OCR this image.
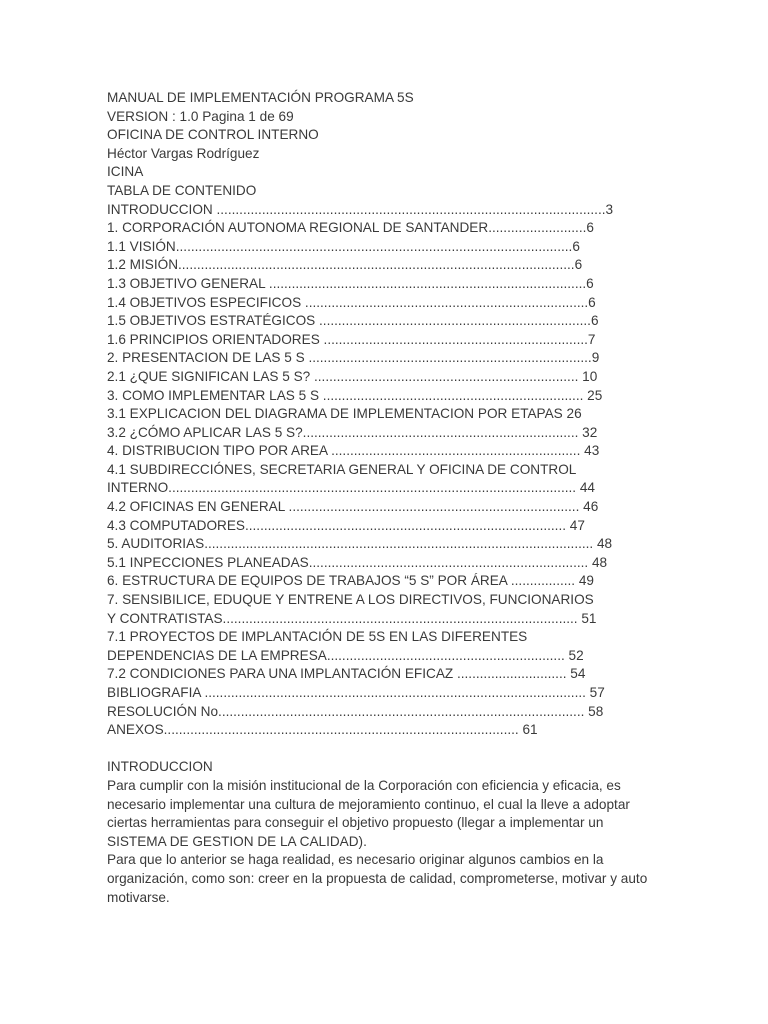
MANUAL DE IMPLEMENTACIÓN PROGRAMA 5S
VERSION : 1.0 Pagina 1 de 69
OFICINA DE CONTROL INTERNO
Héctor Vargas Rodríguez
ICINA
TABLA DE CONTENIDO
INTRODUCCION .......................................................................................................3
1. CORPORACIÓN AUTONOMA REGIONAL DE SANTANDER..........................6
1.1 VISIÓN.........................................................................................................6
1.2 MISIÓN.........................................................................................................6
1.3 OBJETIVO GENERAL ....................................................................................6
1.4 OBJETIVOS ESPECIFICOS ...........................................................................6
1.5 OBJETIVOS ESTRATÉGICOS ........................................................................6
1.6 PRINCIPIOS ORIENTADORES ......................................................................7
2. PRESENTACION DE LAS 5 S ...........................................................................9
2.1 ¿QUE SIGNIFICAN LAS 5 S? ...................................................................... 10
3. COMO IMPLEMENTAR LAS 5 S ..................................................................... 25
3.1 EXPLICACION DEL DIAGRAMA DE IMPLEMENTACION POR ETAPAS 26
3.2 ¿CÓMO APLICAR LAS 5 S?......................................................................... 32
4. DISTRIBUCION TIPO POR AREA .................................................................. 43
4.1 SUBDIRECCIÓNES, SECRETARIA GENERAL Y OFICINA DE CONTROL
INTERNO............................................................................................................ 44
4.2 OFICINAS EN GENERAL ............................................................................. 46
4.3 COMPUTADORES..................................................................................... 47
5. AUDITORIAS....................................................................................................... 48
5.1 INPECCIONES PLANEADAS.......................................................................... 48
6. ESTRUCTURA DE EQUIPOS DE TRABAJOS “5 S” POR ÁREA ................. 49
7. SENSIBILICE, EDUQUE Y ENTRENE A LOS DIRECTIVOS, FUNCIONARIOS
Y CONTRATISTAS.............................................................................................. 51
7.1 PROYECTOS DE IMPLANTACIÓN DE 5S EN LAS DIFERENTES
DEPENDENCIAS DE LA EMPRESA............................................................... 52
7.2 CONDICIONES PARA UNA IMPLANTACIÓN EFICAZ ............................. 54
BIBLIOGRAFIA ..................................................................................................... 57
RESOLUCIÓN No................................................................................................. 58
ANEXOS.............................................................................................. 61
INTRODUCCION
Para cumplir con la misión institucional de la Corporación con eficiencia y eficacia, es
necesario implementar una cultura de mejoramiento continuo, el cual la lleve a adoptar
ciertas herramientas para conseguir el objetivo propuesto (llegar a implementar un
SISTEMA DE GESTION DE LA CALIDAD).
Para que lo anterior se haga realidad, es necesario originar algunos cambios en la
organización, como son: creer en la propuesta de calidad, comprometerse, motivar y auto
motivarse.
